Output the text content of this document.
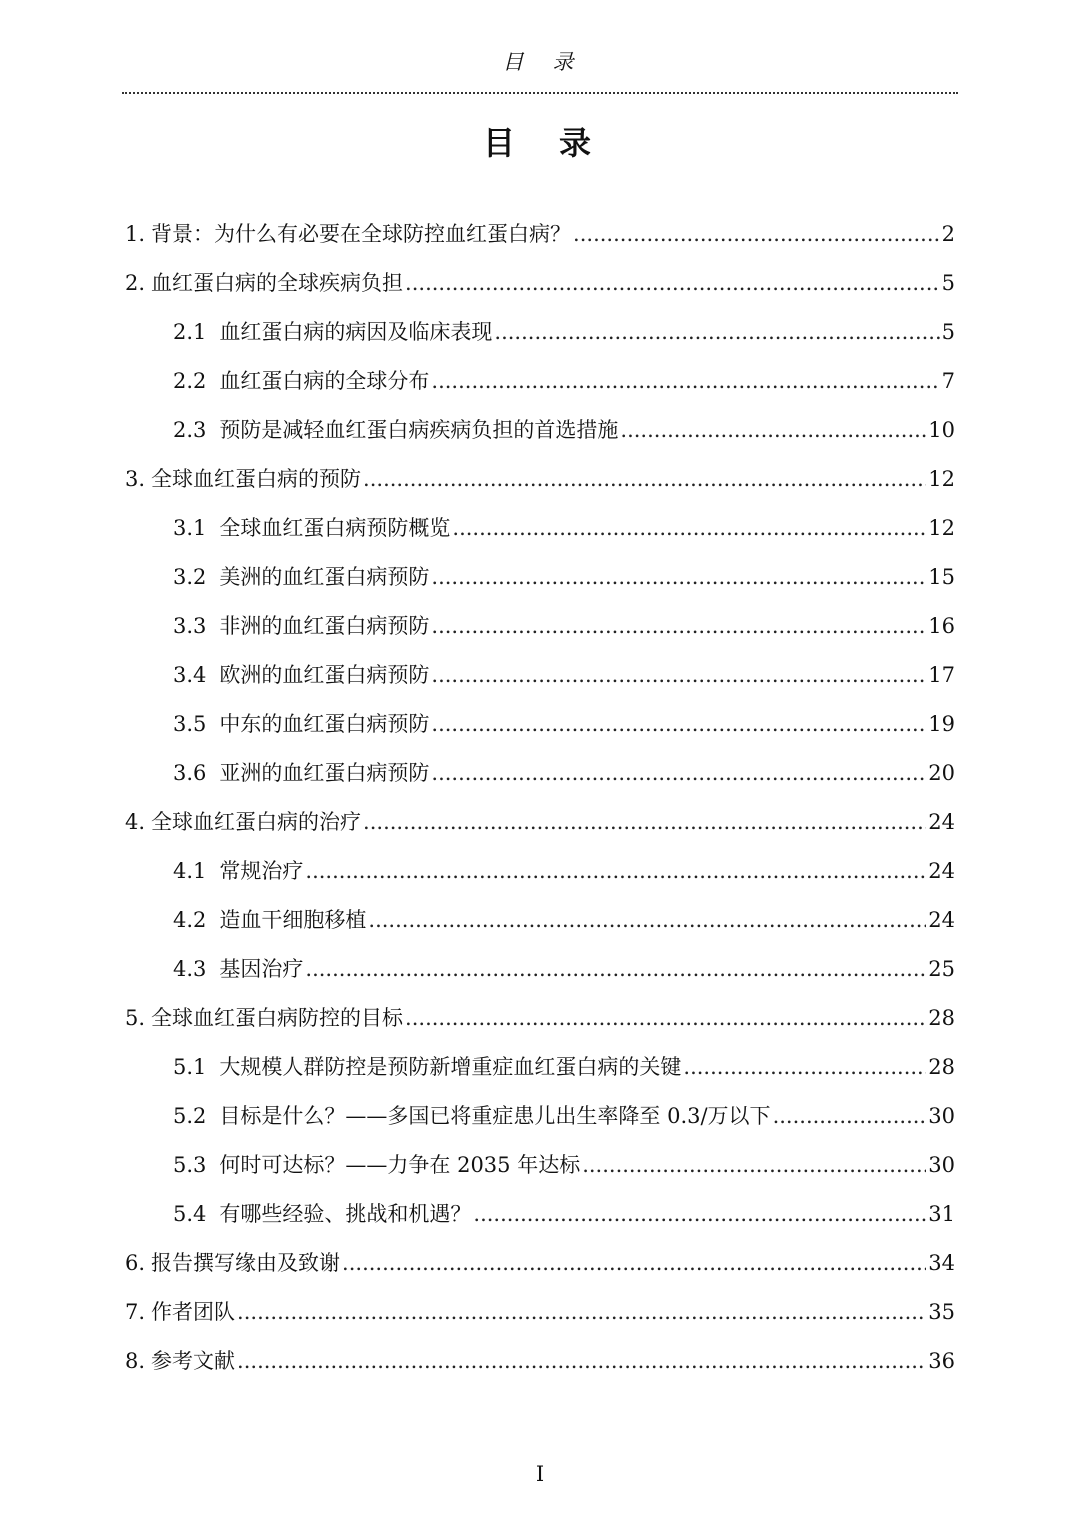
目　录
目　录
1. 背景：为什么有必要在全球防控血红蛋白病？ .....	2
2. 血红蛋白病的全球疾病负担 .....	5
2.1 血红蛋白病的病因及临床表现 .....	5
2.2 血红蛋白病的全球分布 .....	7
2.3 预防是减轻血红蛋白病疾病负担的首选措施 .....	10
3. 全球血红蛋白病的预防 .....	12
3.1 全球血红蛋白病预防概览 .....	12
3.2 美洲的血红蛋白病预防 .....	15
3.3 非洲的血红蛋白病预防 .....	16
3.4 欧洲的血红蛋白病预防 .....	17
3.5 中东的血红蛋白病预防 .....	19
3.6 亚洲的血红蛋白病预防 .....	20
4. 全球血红蛋白病的治疗 .....	24
4.1 常规治疗 .....	24
4.2 造血干细胞移植 .....	24
4.3 基因治疗 .....	25
5. 全球血红蛋白病防控的目标 .....	28
5.1 大规模人群防控是预防新增重症血红蛋白病的关键 .....	28
5.2 目标是什么？——多国已将重症患儿出生率降至 0.3/万以下 .....	30
5.3 何时可达标？——力争在 2035 年达标 .....	30
5.4 有哪些经验、挑战和机遇？ .....	31
6. 报告撰写缘由及致谢 .....	34
7. 作者团队 .....	35
8. 参考文献 .....	36
I
